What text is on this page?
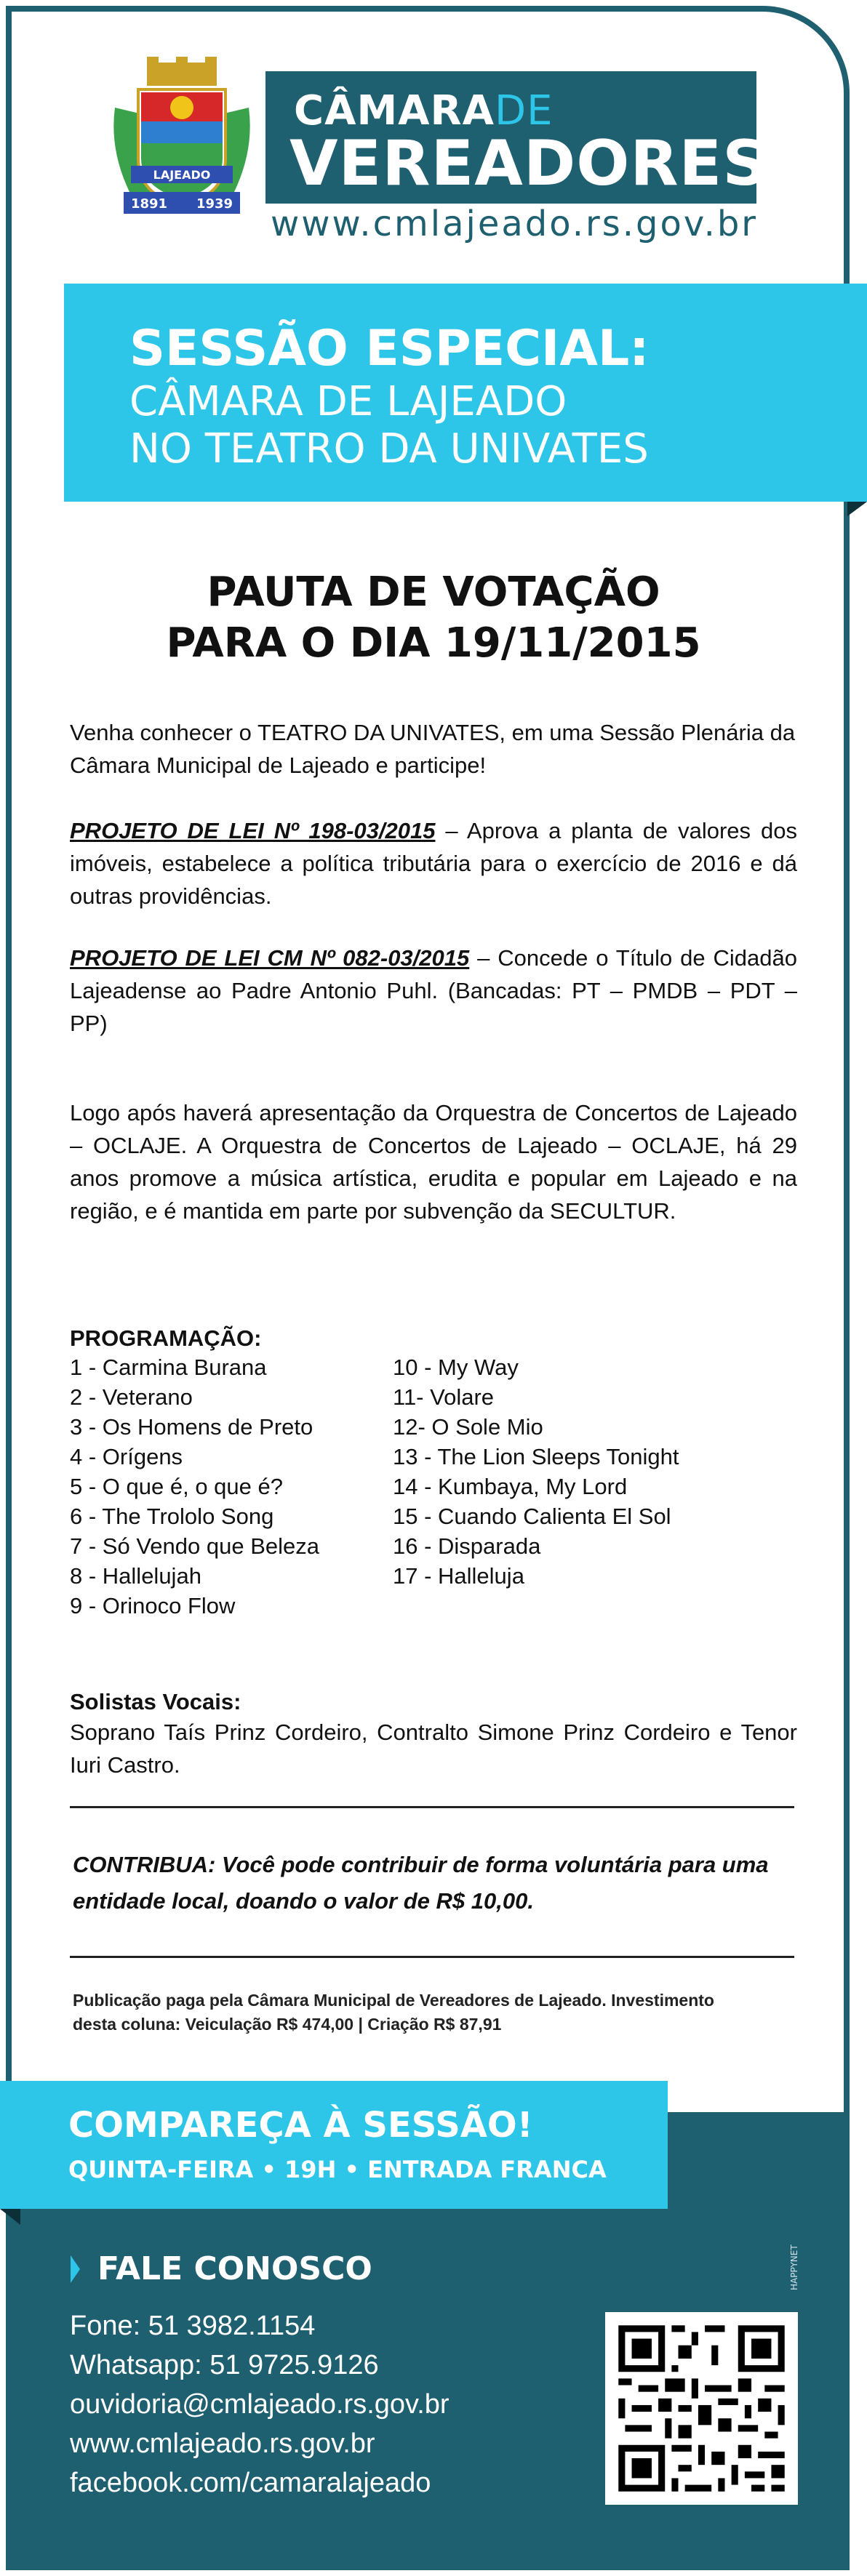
LAJEADO
1891 1939
CÂMARADE
VEREADORES
www.cmlajeado.rs.gov.br
SESSÃO ESPECIAL:
CÂMARA DE LAJEADO
NO TEATRO DA UNIVATES
PAUTA DE VOTAÇÃO
PARA O DIA 19/11/2015
Venha conhecer o TEATRO DA UNIVATES, em uma Sessão Plenária da Câmara Municipal de Lajeado e participe!
PROJETO DE LEI Nº 198-03/2015 – Aprova a planta de valores dos imóveis, estabelece a política tributária para o exercício de 2016 e dá outras providências.
PROJETO DE LEI CM Nº 082-03/2015 – Concede o Título de Cidadão Lajeadense ao Padre Antonio Puhl. (Bancadas: PT – PMDB – PDT – PP)
Logo após haverá apresentação da Orquestra de Concertos de Lajeado – OCLAJE. A Orquestra de Concertos de Lajeado – OCLAJE, há 29 anos promove a música artística, erudita e popular em Lajeado e na região, e é mantida em parte por subvenção da SECULTUR.
PROGRAMAÇÃO:
1 - Carmina Burana
2 - Veterano
3 - Os Homens de Preto
4 - Orígens
5 - O que é, o que é?
6 - The Trololo Song
7 - Só Vendo que Beleza
8 - Hallelujah
9 - Orinoco Flow
10 - My Way
11- Volare
12- O Sole Mio
13 - The Lion Sleeps Tonight
14 - Kumbaya, My Lord
15 - Cuando Calienta El Sol
16 - Disparada
17 - Halleluja
Solistas Vocais:
Soprano Taís Prinz Cordeiro, Contralto Simone Prinz Cordeiro e Tenor Iuri Castro.
CONTRIBUA: Você pode contribuir de forma voluntária para uma entidade local, doando o valor de R$ 10,00.
Publicação paga pela Câmara Municipal de Vereadores de Lajeado. Investimento
desta coluna: Veiculação R$ 474,00 | Criação R$ 87,91
COMPAREÇA À SESSÃO!
QUINTA-FEIRA • 19H • ENTRADA FRANCA
HAPPYNET
FALE CONOSCO
Fone: 51 3982.1154
Whatsapp: 51 9725.9126
ouvidoria@cmlajeado.rs.gov.br
www.cmlajeado.rs.gov.br
facebook.com/camaralajeado
